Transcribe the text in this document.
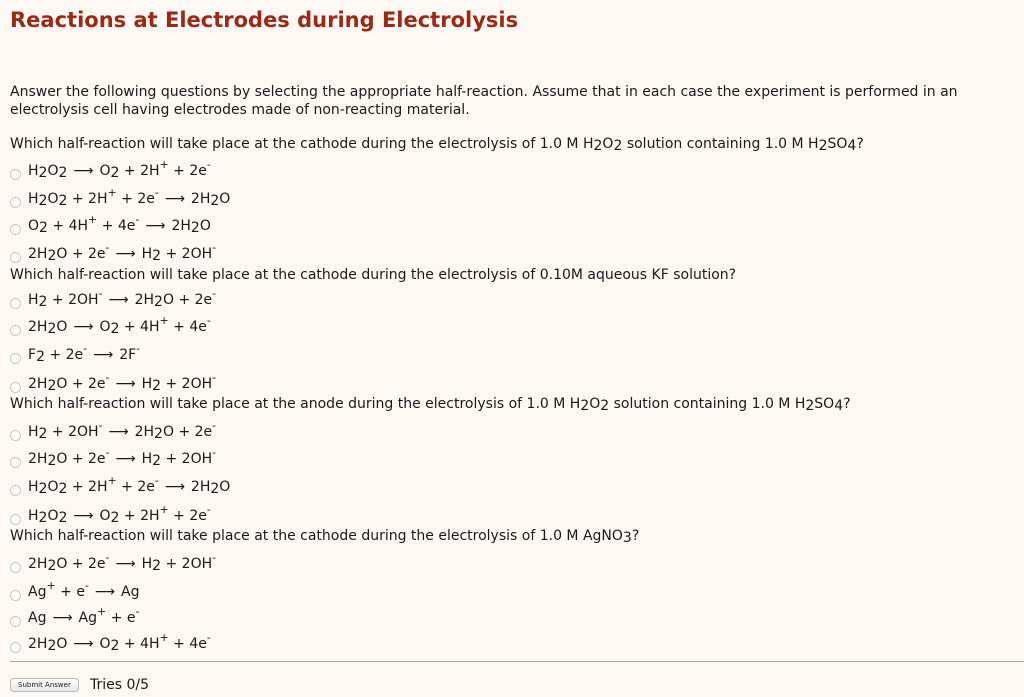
Reactions at Electrodes during Electrolysis
Answer the following questions by selecting the appropriate half-reaction. Assume that in each case the experiment is performed in an electrolysis cell having electrodes made of non-reacting material.
Which half-reaction will take place at the cathode during the electrolysis of 1.0 M $H_2O_2$ solution containing 1.0 M $H_2SO_4$?
$H_2O_2$ ⟶ $O_2 + 2H^+ + 2e^-$
$H_2O_2 + 2H^+ + 2e^-$ ⟶ $2H_2O$
$O_2 + 4H^+ + 4e^-$ ⟶ $2H_2O$
$2H_2O + 2e^-$ ⟶ $H_2 + 2OH^-$
Which half-reaction will take place at the cathode during the electrolysis of 0.10M aqueous KF solution?
$H_2 + 2OH^-$ ⟶ $2H_2O + 2e^-$
$2H_2O$ ⟶ $O_2 + 4H^+ + 4e^-$
$F_2 + 2e^-$ ⟶ 2F-
$2H_2O + 2e^-$ ⟶ $H_2 + 2OH^-$
Which half-reaction will take place at the anode during the electrolysis of 1.0 M $H_2O_2$ solution containing 1.0 M $H_2SO_4$?
$H_2 + 2OH^-$ ⟶ $2H_2O + 2e^-$
$2H_2O + 2e^-$ ⟶ $H_2 + 2OH^-$
$H_2O_2 + 2H^+ + 2e^-$ ⟶ $2H_2O$
$H_2O_2$ ⟶ $O_2 + 2H^+ + 2e^-$
Which half-reaction will take place at the cathode during the electrolysis of 1.0 M AgNO$_3$?
$2H_2O + 2e^-$ ⟶ $H_2 + 2OH^-$
Ag+ + e- ⟶ Ag
Ag ⟶ Ag+ + e-
$2H_2O$ ⟶ $O_2 + 4H^+ + 4e^-$
Submit Answer	Tries 0/5
